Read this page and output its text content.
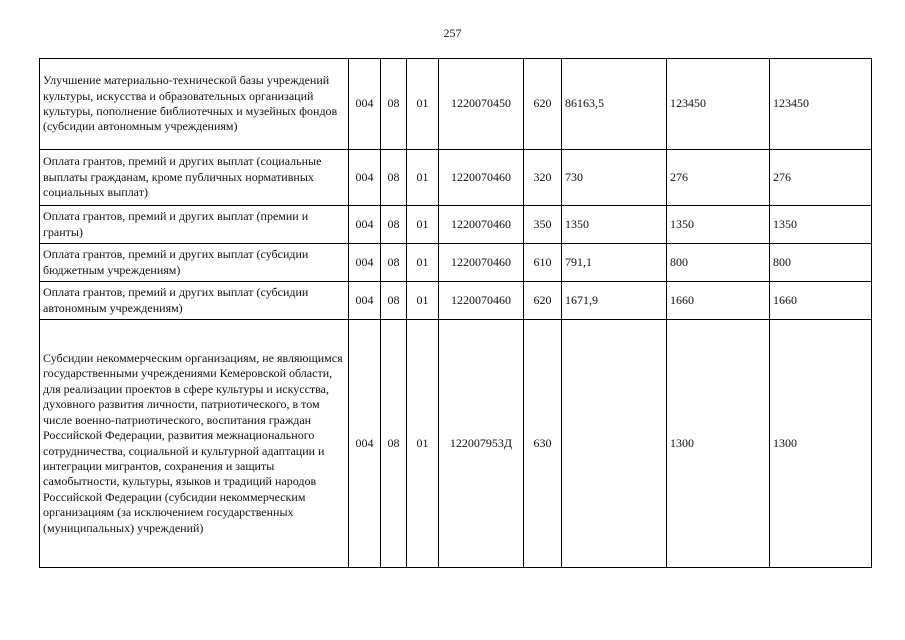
257
Улучшение материально-технической базы учреждений культуры, искусства и образовательных организаций культуры, пополнение библиотечных и музейных фондов (субсидии автономным учреждениям)	004	08	01	1220070450	620	86163,5	123450	123450
Оплата грантов, премий и других выплат (социальные выплаты гражданам, кроме публичных нормативных социальных выплат)	004	08	01	1220070460	320	730	276	276
Оплата грантов, премий и других выплат (премии и гранты)	004	08	01	1220070460	350	1350	1350	1350
Оплата грантов, премий и других выплат (субсидии бюджетным учреждениям)	004	08	01	1220070460	610	791,1	800	800
Оплата грантов, премий и других выплат (субсидии автономным учреждениям)	004	08	01	1220070460	620	1671,9	1660	1660
Субсидии некоммерческим организациям, не являющимся государственными учреждениями Кемеровской области, для реализации проектов в сфере культуры и искусства, духовного развития личности, патриотического, в том числе военно-патриотического, воспитания граждан Российской Федерации, развития межнационального сотрудничества, социальной и культурной адаптации и интеграции мигрантов, сохранения и защиты самобытности, культуры, языков и традиций народов Российской Федерации (субсидии некоммерческим организациям (за исключением государственных (муниципальных) учреждений)	004	08	01	122007953Д	630		1300	1300
